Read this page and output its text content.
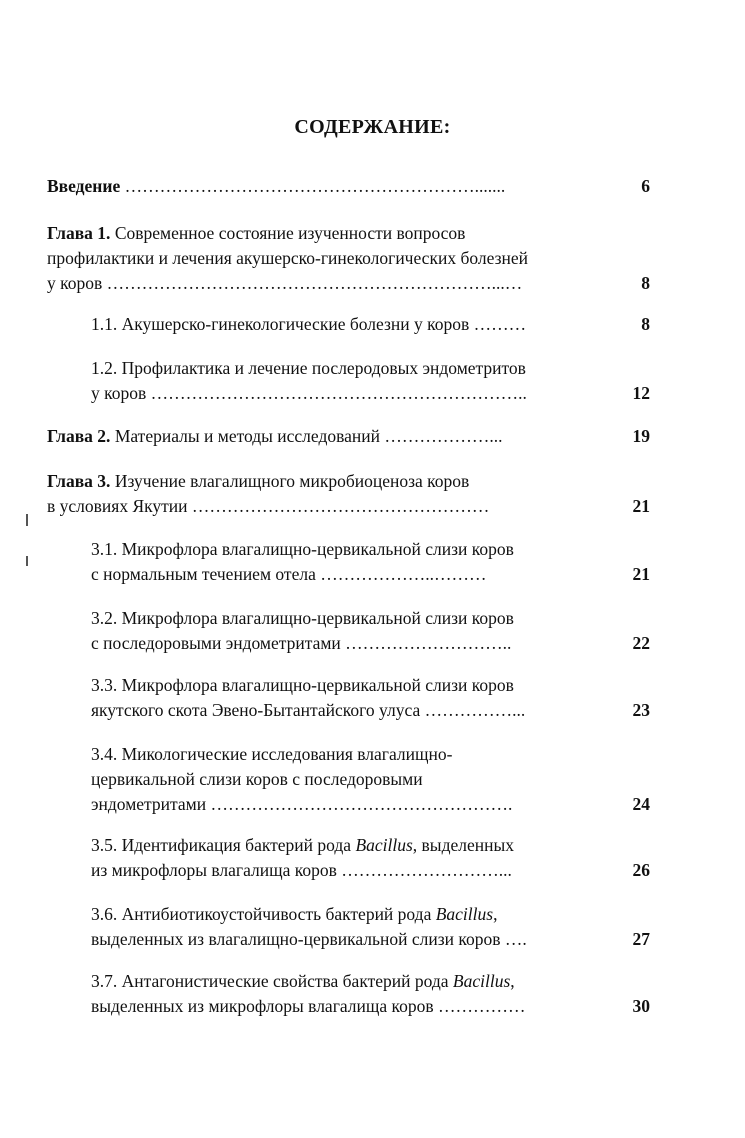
СОДЕРЖАНИЕ:
Введение …………………………………………………….......	6
Глава 1. Современное состояние изученности вопросов
профилактики и лечения акушерско-гинекологических болезней
у коров …………………………………………………………...…	8
1.1. Акушерско-гинекологические болезни у коров ………	8
1.2. Профилактика и лечение послеродовых эндометритов
у коров ………………………………………………………..	12
Глава 2. Материалы и методы исследований ………………...	19
Глава 3. Изучение влагалищного микробиоценоза коров
в условиях Якутии ……………………………………………	21
3.1. Микрофлора влагалищно-цервикальной слизи коров
с нормальным течением отела ………………..………	21
3.2. Микрофлора влагалищно-цервикальной слизи коров
с последоровыми эндометритами ………………………..	22
3.3. Микрофлора влагалищно-цервикальной слизи коров
якутского скота Эвено-Бытантайского улуса ……………...	23
3.4. Микологические исследования влагалищно-
цервикальной слизи коров с последоровыми
эндометритами …………………………………………….	24
3.5. Идентификация бактерий рода Bacillus, выделенных
из микрофлоры влагалища коров ………………………...	26
3.6. Антибиотикоустойчивость бактерий рода Bacillus,
выделенных из влагалищно-цервикальной слизи коров ….	27
3.7. Антагонистические свойства бактерий рода Bacillus,
выделенных из микрофлоры влагалища коров ……………	30
